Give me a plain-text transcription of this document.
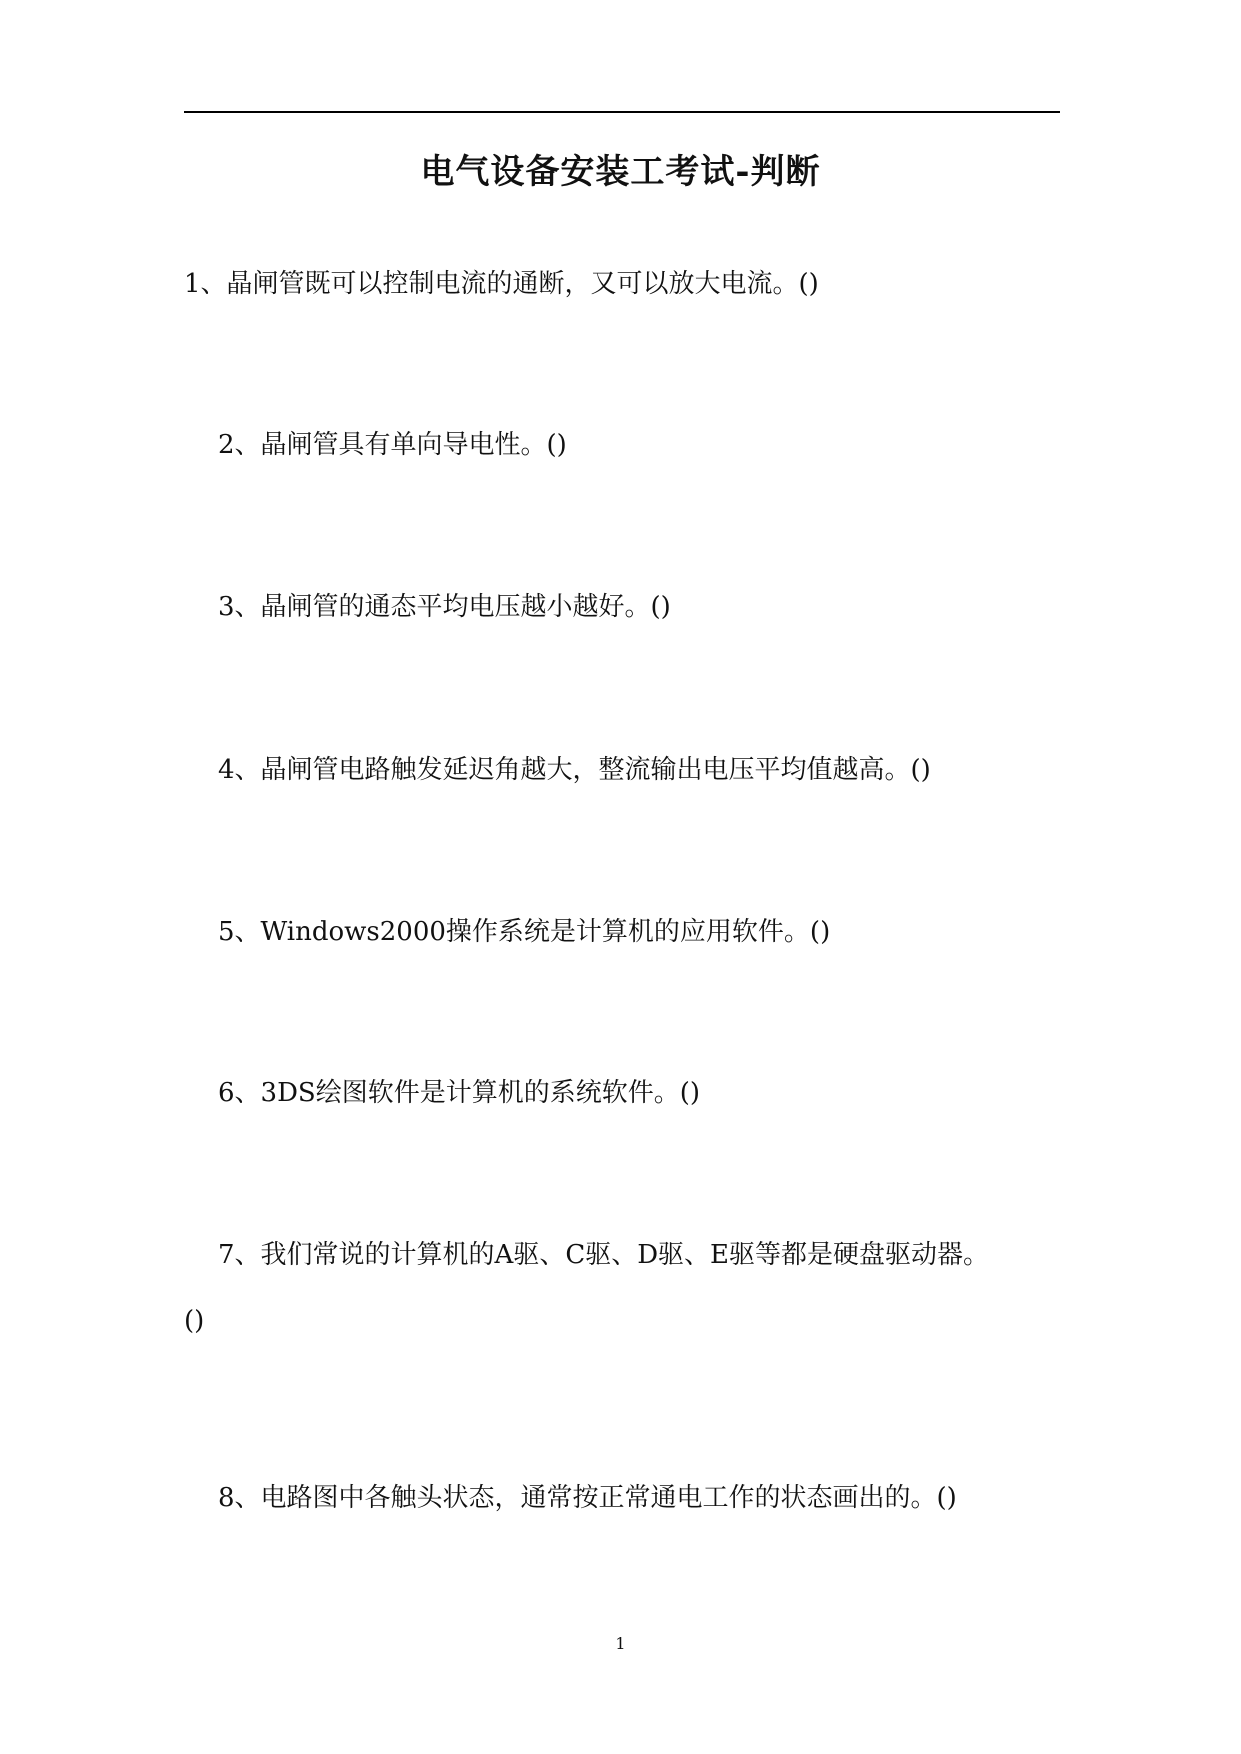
电气设备安装工考试-判断
1、晶闸管既可以控制电流的通断，又可以放大电流。()
2、晶闸管具有单向导电性。()
3、晶闸管的通态平均电压越小越好。()
4、晶闸管电路触发延迟角越大，整流输出电压平均值越高。()
5、Windows2000操作系统是计算机的应用软件。()
6、3DS绘图软件是计算机的系统软件。()
7、我们常说的计算机的A驱、C驱、D驱、E驱等都是硬盘驱动器。
()
8、电路图中各触头状态，通常按正常通电工作的状态画出的。()
1
